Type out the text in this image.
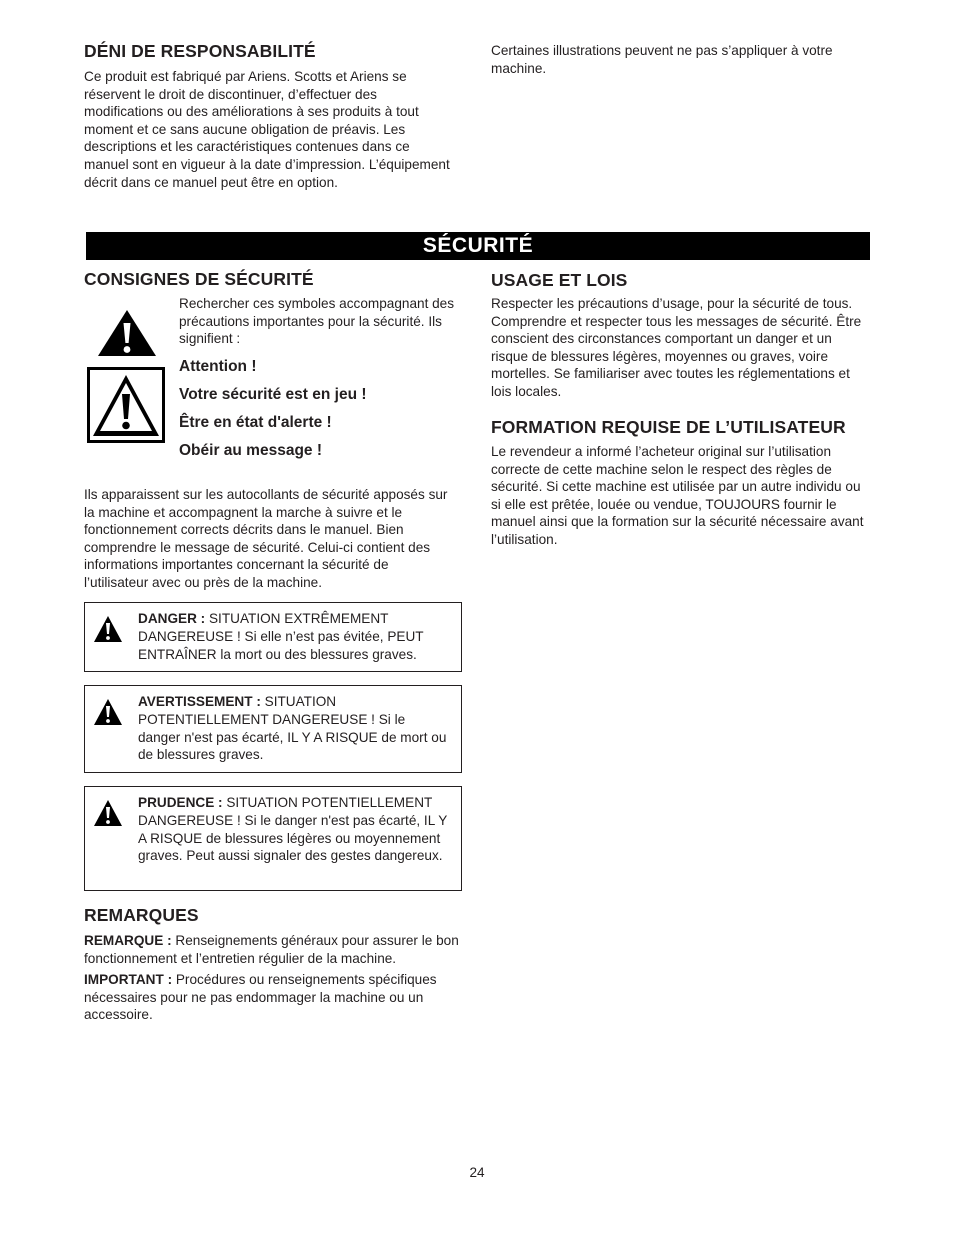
DÉNI DE RESPONSABILITÉ

Ce produit est fabriqué par Ariens. Scotts et Ariens se réservent le droit de discontinuer, d’effectuer des modifications ou des améliorations à ses produits à tout moment et ce sans aucune obligation de préavis. Les descriptions et les caractéristiques contenues dans ce manuel sont en vigueur à la date d’impression. L’équipement décrit dans ce manuel peut être en option.

Certaines illustrations peuvent ne pas s’appliquer à votre machine.

SÉCURITÉ
CONSIGNES DE SÉCURITÉ

Rechercher ces symboles accompagnant des précautions importantes pour la sécurité. Ils signifient :

Attention !

Votre sécurité est en jeu !

Être en état d'alerte !

Obéir au message !

Ils apparaissent sur les autocollants de sécurité apposés sur la machine et accompagnent la marche à suivre et le fonctionnement corrects décrits dans le manuel. Bien comprendre le message de sécurité. Celui-ci contient des informations importantes concernant la sécurité de l’utilisateur avec ou près de la machine.

DANGER : SITUATION EXTRÊMEMENT DANGEREUSE ! Si elle n’est pas évitée, PEUT ENTRAÎNER la mort ou des blessures graves.

AVERTISSEMENT : SITUATION POTENTIELLEMENT DANGEREUSE ! Si le danger n'est pas écarté, IL Y A RISQUE de mort ou de blessures graves.

PRUDENCE : SITUATION POTENTIELLEMENT DANGEREUSE ! Si le danger n'est pas écarté, IL Y A RISQUE de blessures légères ou moyennement graves. Peut aussi signaler des gestes dangereux.

REMARQUES

REMARQUE : Renseignements généraux pour assurer le bon fonctionnement et l’entretien régulier de la machine.

IMPORTANT : Procédures ou renseignements spécifiques nécessaires pour ne pas endommager la machine ou un accessoire.

USAGE ET LOIS

Respecter les précautions d’usage, pour la sécurité de tous. Comprendre et respecter tous les messages de sécurité. Être conscient des circonstances comportant un danger et un risque de blessures légères, moyennes ou graves, voire mortelles. Se familiariser avec toutes les réglementations et lois locales.

FORMATION REQUISE DE L’UTILISATEUR

Le revendeur a informé l’acheteur original sur l’utilisation correcte de cette machine selon le respect des règles de sécurité. Si cette machine est utilisée par un autre individu ou si elle est prêtée, louée ou vendue, TOUJOURS fournir le manuel ainsi que la formation sur la sécurité nécessaire avant l’utilisation.

24
